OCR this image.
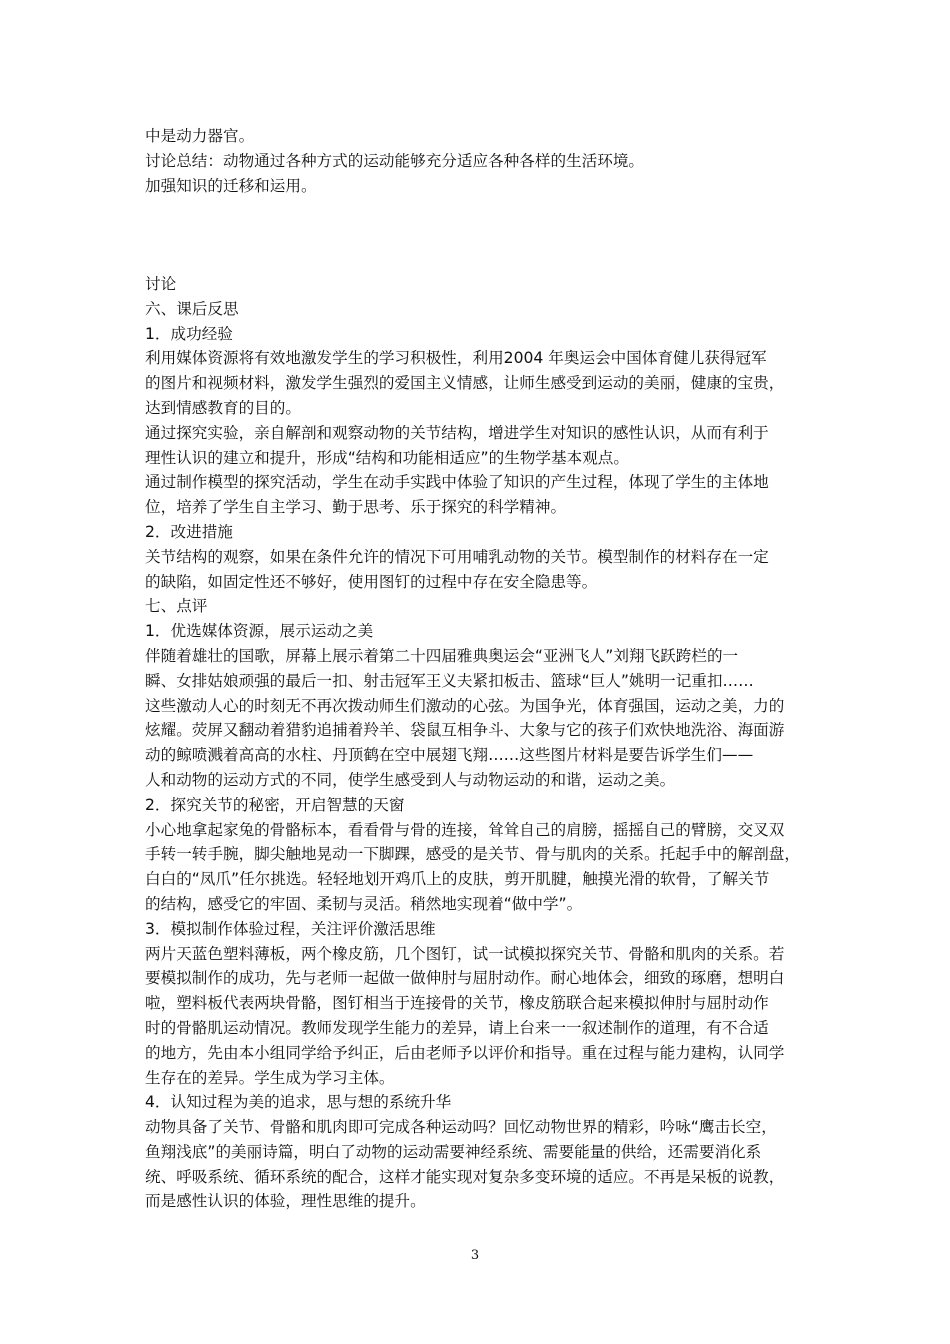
中是动力器官。
讨论总结：动物通过各种方式的运动能够充分适应各种各样的生活环境。
加强知识的迁移和运用。
讨论
六、课后反思
1．成功经验
利用媒体资源将有效地激发学生的学习积极性，利用2004 年奥运会中国体育健儿获得冠军
的图片和视频材料，激发学生强烈的爱国主义情感，让师生感受到运动的美丽，健康的宝贵，
达到情感教育的目的。
通过探究实验，亲自解剖和观察动物的关节结构，增进学生对知识的感性认识，从而有利于
理性认识的建立和提升，形成“结构和功能相适应”的生物学基本观点。
通过制作模型的探究活动，学生在动手实践中体验了知识的产生过程，体现了学生的主体地
位，培养了学生自主学习、勤于思考、乐于探究的科学精神。
2．改进措施
关节结构的观察，如果在条件允许的情况下可用哺乳动物的关节。模型制作的材料存在一定
的缺陷，如固定性还不够好，使用图钉的过程中存在安全隐患等。
七、点评
1．优选媒体资源，展示运动之美
伴随着雄壮的国歌，屏幕上展示着第二十四届雅典奥运会“亚洲飞人”刘翔飞跃跨栏的一
瞬、女排姑娘顽强的最后一扣、射击冠军王义夫紧扣板击、篮球“巨人”姚明一记重扣……
这些激动人心的时刻无不再次拨动师生们激动的心弦。为国争光，体育强国，运动之美，力的
炫耀。荧屏又翻动着猎豹追捕着羚羊、袋鼠互相争斗、大象与它的孩子们欢快地洗浴、海面游
动的鲸喷溅着高高的水柱、丹顶鹤在空中展翅飞翔……这些图片材料是要告诉学生们——
人和动物的运动方式的不同，使学生感受到人与动物运动的和谐，运动之美。
2．探究关节的秘密，开启智慧的天窗
小心地拿起家兔的骨骼标本，看看骨与骨的连接，耸耸自己的肩膀，摇摇自己的臂膀，交叉双
手转一转手腕，脚尖触地晃动一下脚踝，感受的是关节、骨与肌肉的关系。托起手中的解剖盘，
白白的“凤爪”任尔挑选。轻轻地划开鸡爪上的皮肤，剪开肌腱，触摸光滑的软骨，了解关节
的结构，感受它的牢固、柔韧与灵活。稍然地实现着“做中学”。
3．模拟制作体验过程，关注评价激活思维
两片天蓝色塑料薄板，两个橡皮筋，几个图钉，试一试模拟探究关节、骨骼和肌肉的关系。若
要模拟制作的成功，先与老师一起做一做伸肘与屈肘动作。耐心地体会，细致的琢磨，想明白
啦，塑料板代表两块骨骼，图钉相当于连接骨的关节，橡皮筋联合起来模拟伸肘与屈肘动作
时的骨骼肌运动情况。教师发现学生能力的差异，请上台来一一叙述制作的道理，有不合适
的地方，先由本小组同学给予纠正，后由老师予以评价和指导。重在过程与能力建构，认同学
生存在的差异。学生成为学习主体。
4．认知过程为美的追求，思与想的系统升华
动物具备了关节、骨骼和肌肉即可完成各种运动吗？回忆动物世界的精彩，吟咏“鹰击长空，
鱼翔浅底”的美丽诗篇，明白了动物的运动需要神经系统、需要能量的供给，还需要消化系
统、呼吸系统、循环系统的配合，这样才能实现对复杂多变环境的适应。不再是呆板的说教，
而是感性认识的体验，理性思维的提升。
3
